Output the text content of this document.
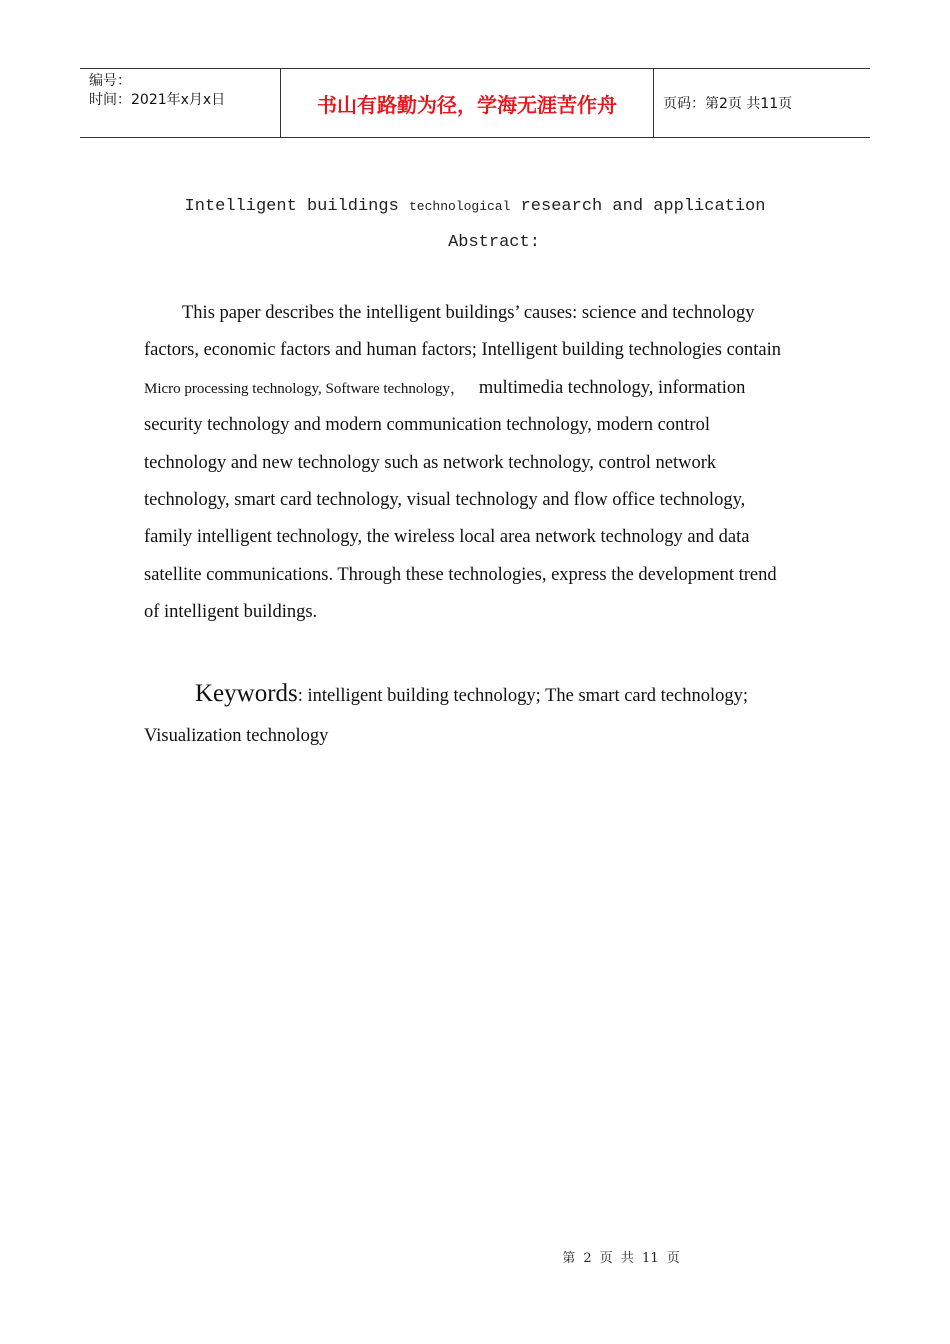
编号：
时间：2021年x月x日	书山有路勤为径，学海无涯苦作舟	页码：第2页 共11页
Intelligent buildings technological research and application
Abstract:
This paper describes the intelligent buildings’ causes: science and technology
factors, economic factors and human factors; Intelligent building technologies contain
Micro processing technology, Software technology， multimedia technology, information
security technology and modern communication technology, modern control
technology and new technology such as network technology, control network
technology, smart card technology, visual technology and flow office technology,
family intelligent technology, the wireless local area network technology and data
satellite communications. Through these technologies, express the development trend
of intelligent buildings.
Keywords: intelligent building technology; The smart card technology;
Visualization technology
第 2 页 共 11 页
